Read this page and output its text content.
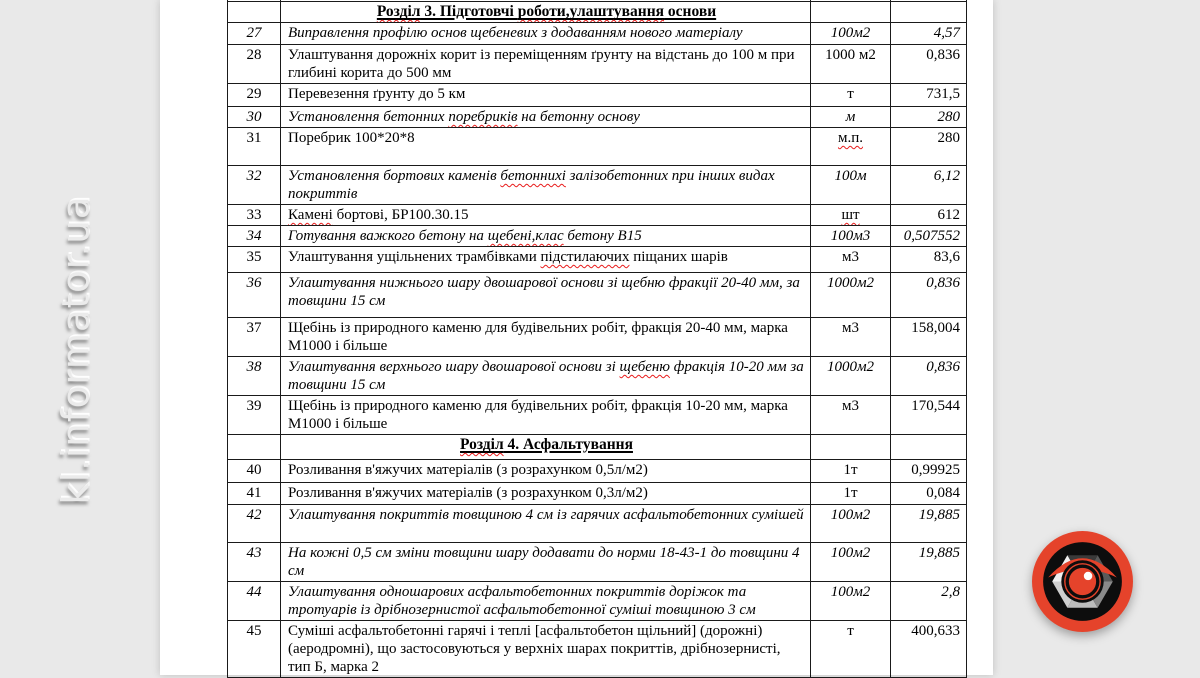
kl.informator.ua

	Розділ 3. Підготовчі роботи,улаштування основи		
27	Виправлення профілю основ щебеневих з додаванням нового матеріалу	100м2	4,57
28	Улаштування дорожніх корит із переміщенням ґрунту на відстань до 100 м при глибині корита до 500 мм	1000 м2	0,836
29	Перевезення ґрунту до 5 км	т	731,5
30	Установлення бетонних поребриків на бетонну основу	м	280
31	Поребрик 100*20*8	м.п.	280
32	Установлення бортових каменів бетоннихі залізобетонних при інших видах покриттів	100м	6,12
33	Камені бортові, БР100.30.15	шт	612
34	Готування важкого бетону на щебені,клас бетону В15	100м3	0,507552
35	Улаштування ущільнених трамбівками підстилаючих піщаних шарів	м3	83,6
36	Улаштування нижнього шару двошарової основи зі щебню фракції 20-40 мм, за товщини 15 см	1000м2	0,836
37	Щебінь із природного каменю для будівельних робіт, фракція 20-40 мм, марка М1000 і більше	м3	158,004
38	Улаштування верхнього шару двошарової основи зі щебеню фракція 10-20 мм за товщини 15 см	1000м2	0,836
39	Щебінь із природного каменю для будівельних робіт, фракція 10-20 мм, марка М1000 і більше	м3	170,544
	Розділ 4. Асфальтування		
40	Розливання в'яжучих матеріалів (з розрахунком 0,5л/м2)	1т	0,99925
41	Розливання в'яжучих матеріалів (з розрахунком 0,3л/м2)	1т	0,084
42	Улаштування покриттів товщиною 4 см із гарячих асфальтобетонних сумішей	100м2	19,885
43	На кожні 0,5 см зміни товщини шару додавати до норми 18-43-1 до товщини 4 см	100м2	19,885
44	Улаштування одношарових асфальтобетонних покриттів доріжок та тротуарів із дрібнозернистої асфальтобетонної суміші товщиною 3 см	100м2	2,8
45	Суміші асфальтобетонні гарячі і теплі [асфальтобетон щільний] (дорожні)(аеродромні), що застосовуються у верхніх шарах покриттів, дрібнозернисті, тип Б, марка 2	т	400,633
